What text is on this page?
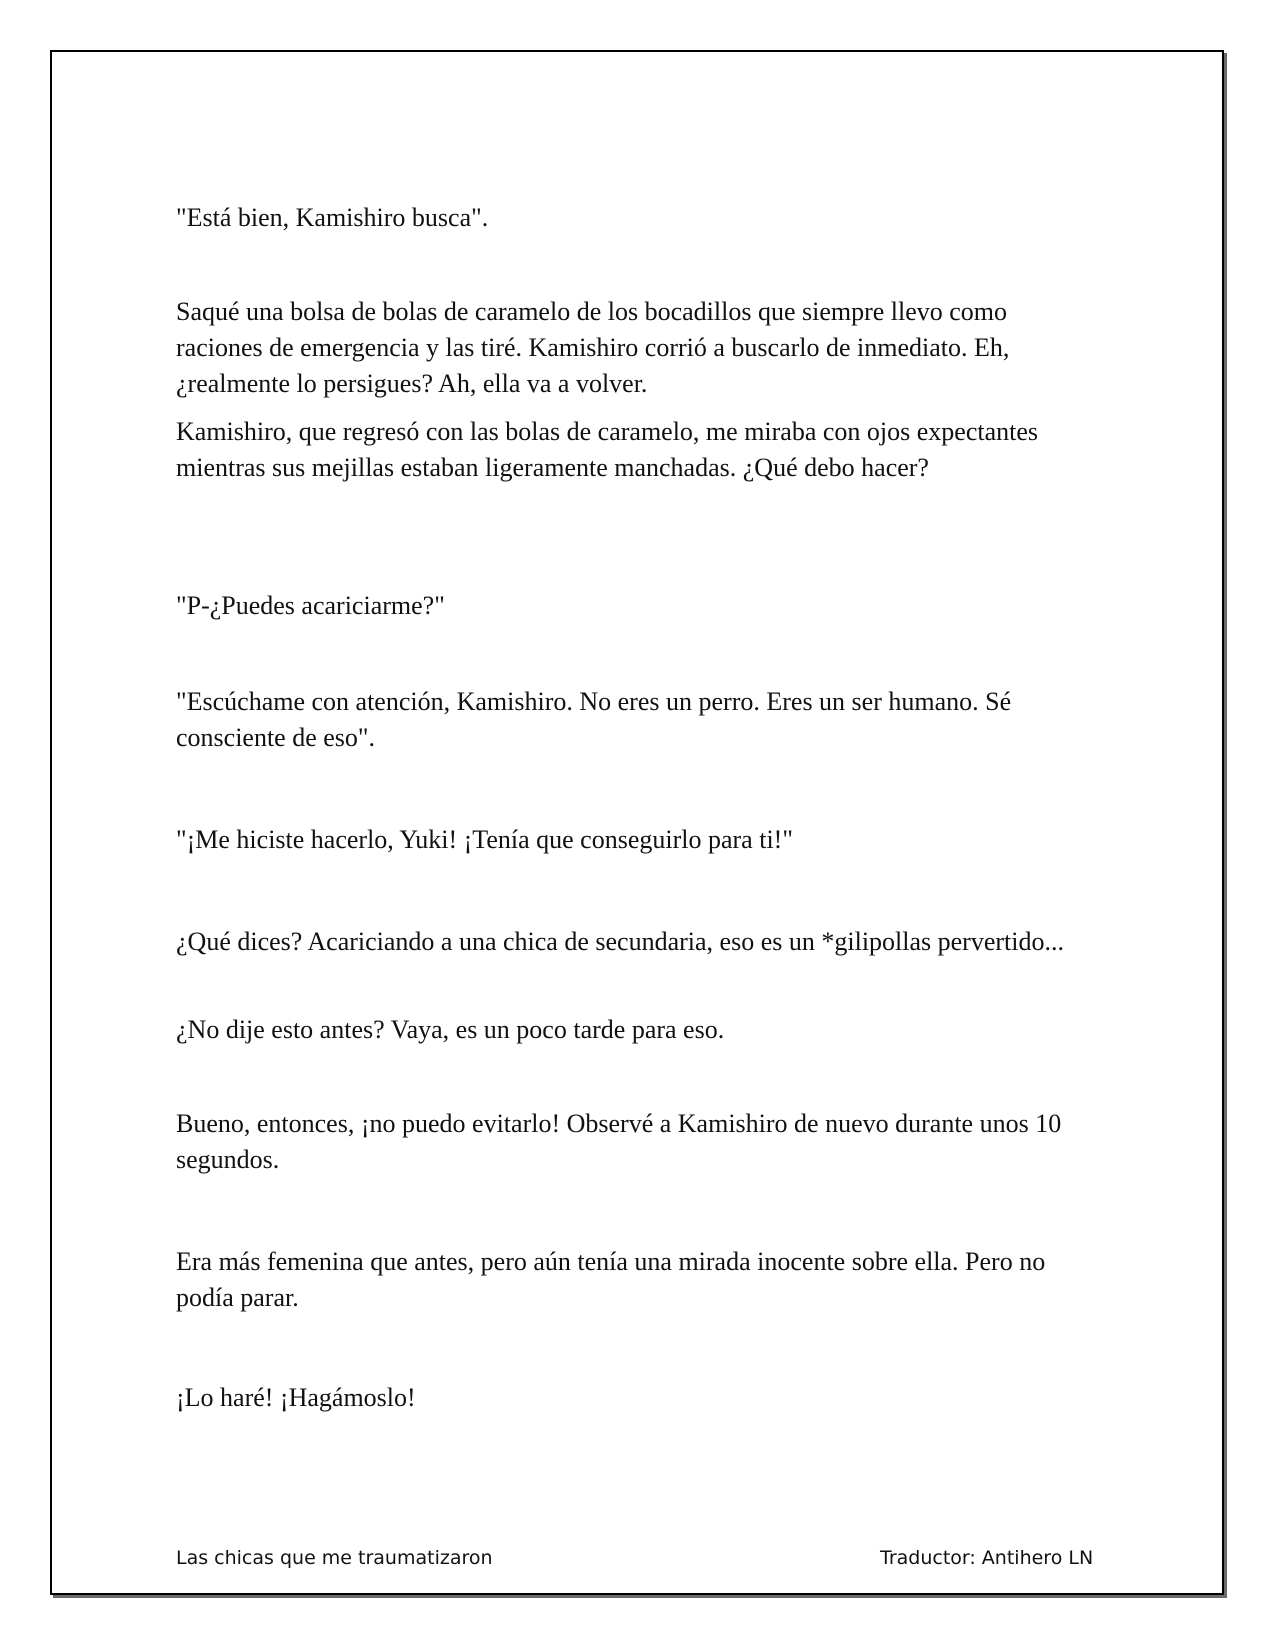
"Está bien, Kamishiro busca".

Saqué una bolsa de bolas de caramelo de los bocadillos que siempre llevo como raciones de emergencia y las tiré. Kamishiro corrió a buscarlo de inmediato. Eh, ¿realmente lo persigues? Ah, ella va a volver.

Kamishiro, que regresó con las bolas de caramelo, me miraba con ojos expectantes mientras sus mejillas estaban ligeramente manchadas. ¿Qué debo hacer?

"P-¿Puedes acariciarme?"

"Escúchame con atención, Kamishiro. No eres un perro. Eres un ser humano. Sé consciente de eso".

"¡Me hiciste hacerlo, Yuki! ¡Tenía que conseguirlo para ti!"

¿Qué dices? Acariciando a una chica de secundaria, eso es un *gilipollas pervertido...

¿No dije esto antes? Vaya, es un poco tarde para eso.

Bueno, entonces, ¡no puedo evitarlo! Observé a Kamishiro de nuevo durante unos 10 segundos.

Era más femenina que antes, pero aún tenía una mirada inocente sobre ella. Pero no podía parar.

¡Lo haré! ¡Hagámoslo!

Las chicas que me traumatizaron	Traductor: Antihero LN
